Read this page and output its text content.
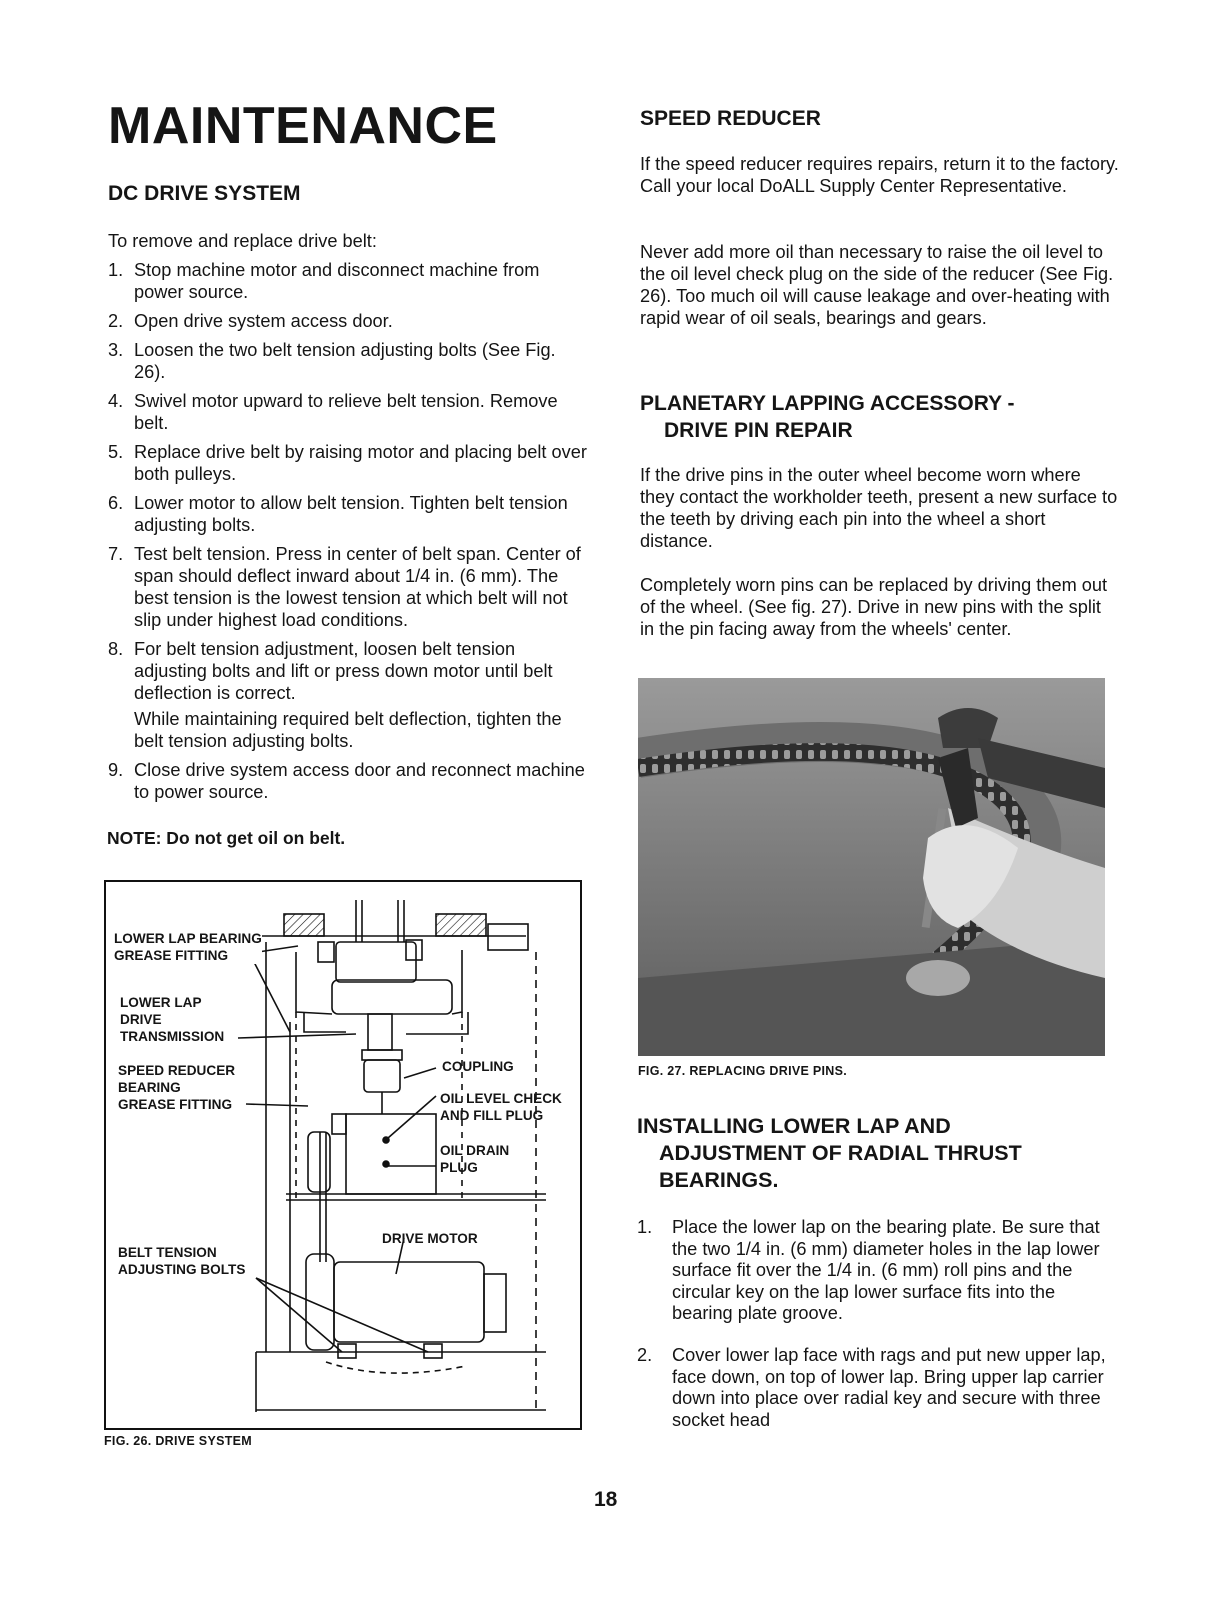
MAINTENANCE
DC DRIVE SYSTEM

To remove and replace drive belt:

1. Stop machine motor and disconnect machine from power source.
2. Open drive system access door.
3. Loosen the two belt tension adjusting bolts (See Fig. 26).
4. Swivel motor upward to relieve belt tension. Remove belt.
5. Replace drive belt by raising motor and placing belt over both pulleys.
6. Lower motor to allow belt tension. Tighten belt tension adjusting bolts.
7. Test belt tension. Press in center of belt span. Center of span should deflect inward about 1/4 in. (6 mm). The best tension is the lowest tension at which belt will not slip under highest load conditions.
8. For belt tension adjustment, loosen belt tension adjusting bolts and lift or press down motor until belt deflection is correct.
While maintaining required belt deflection, tighten the belt tension adjusting bolts.
9. Close drive system access door and reconnect machine to power source.
NOTE: Do not get oil on belt.
LOWER LAP BEARING
GREASE FITTING
LOWER LAP
DRIVE
TRANSMISSION
SPEED REDUCER
BEARING
GREASE FITTING
COUPLING
OIL LEVEL CHECK
AND FILL PLUG
OIL DRAIN
PLUG
BELT TENSION
ADJUSTING BOLTS
DRIVE MOTOR
FIG. 26. DRIVE SYSTEM
SPEED REDUCER

If the speed reducer requires repairs, return it to the factory. Call your local DoALL Supply Center Representative.

Never add more oil than necessary to raise the oil level to the oil level check plug on the side of the reducer (See Fig. 26). Too much oil will cause leakage and over-heating with rapid wear of oil seals, bearings and gears.

PLANETARY LAPPING ACCESSORY -
DRIVE PIN REPAIR

If the drive pins in the outer wheel become worn where they contact the workholder teeth, present a new surface to the teeth by driving each pin into the wheel a short distance.

Completely worn pins can be replaced by driving them out of the wheel. (See fig. 27). Drive in new pins with the split in the pin facing away from the wheels' center.

FIG. 27. REPLACING DRIVE PINS.
INSTALLING LOWER LAP AND
ADJUSTMENT OF RADIAL THRUST
BEARINGS.
1. Place the lower lap on the bearing plate. Be sure that the two 1/4 in. (6 mm) diameter holes in the lap lower surface fit over the 1/4 in. (6 mm) roll pins and the circular key on the lap lower surface fits into the bearing plate groove.
2. Cover lower lap face with rags and put new upper lap, face down, on top of lower lap. Bring upper lap carrier down into place over radial key and secure with three socket head
18
